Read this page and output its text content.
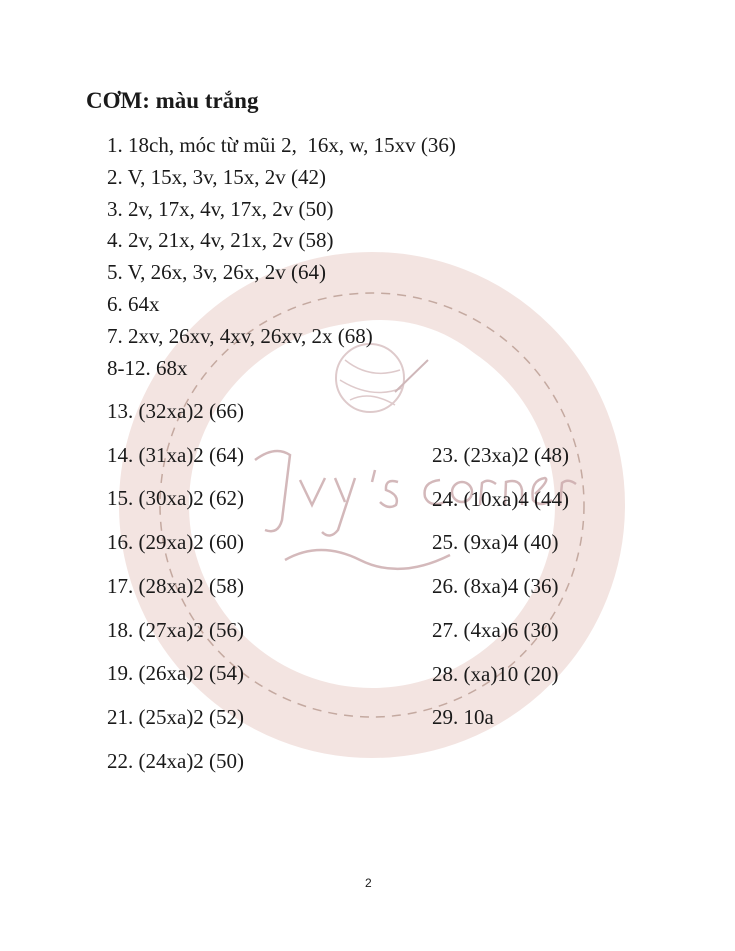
CƠM: màu trắng
1. 18ch, móc từ mũi 2,  16x, w, 15xv (36)
2. V, 15x, 3v, 15x, 2v (42)
3. 2v, 17x, 4v, 17x, 2v (50)
4. 2v, 21x, 4v, 21x, 2v (58)
5. V, 26x, 3v, 26x, 2v (64)
6. 64x
7. 2xv, 26xv, 4xv, 26xv, 2x (68)
8-12. 68x
13. (32xa)2 (66)
14. (31xa)2 (64)
15. (30xa)2 (62)
16. (29xa)2 (60)
17. (28xa)2 (58)
18. (27xa)2 (56)
19. (26xa)2 (54)
21. (25xa)2 (52)
22. (24xa)2 (50)
23. (23xa)2 (48)
24. (10xa)4 (44)
25. (9xa)4 (40)
26. (8xa)4 (36)
27. (4xa)6 (30)
28. (xa)10 (20)
29. 10a
2
